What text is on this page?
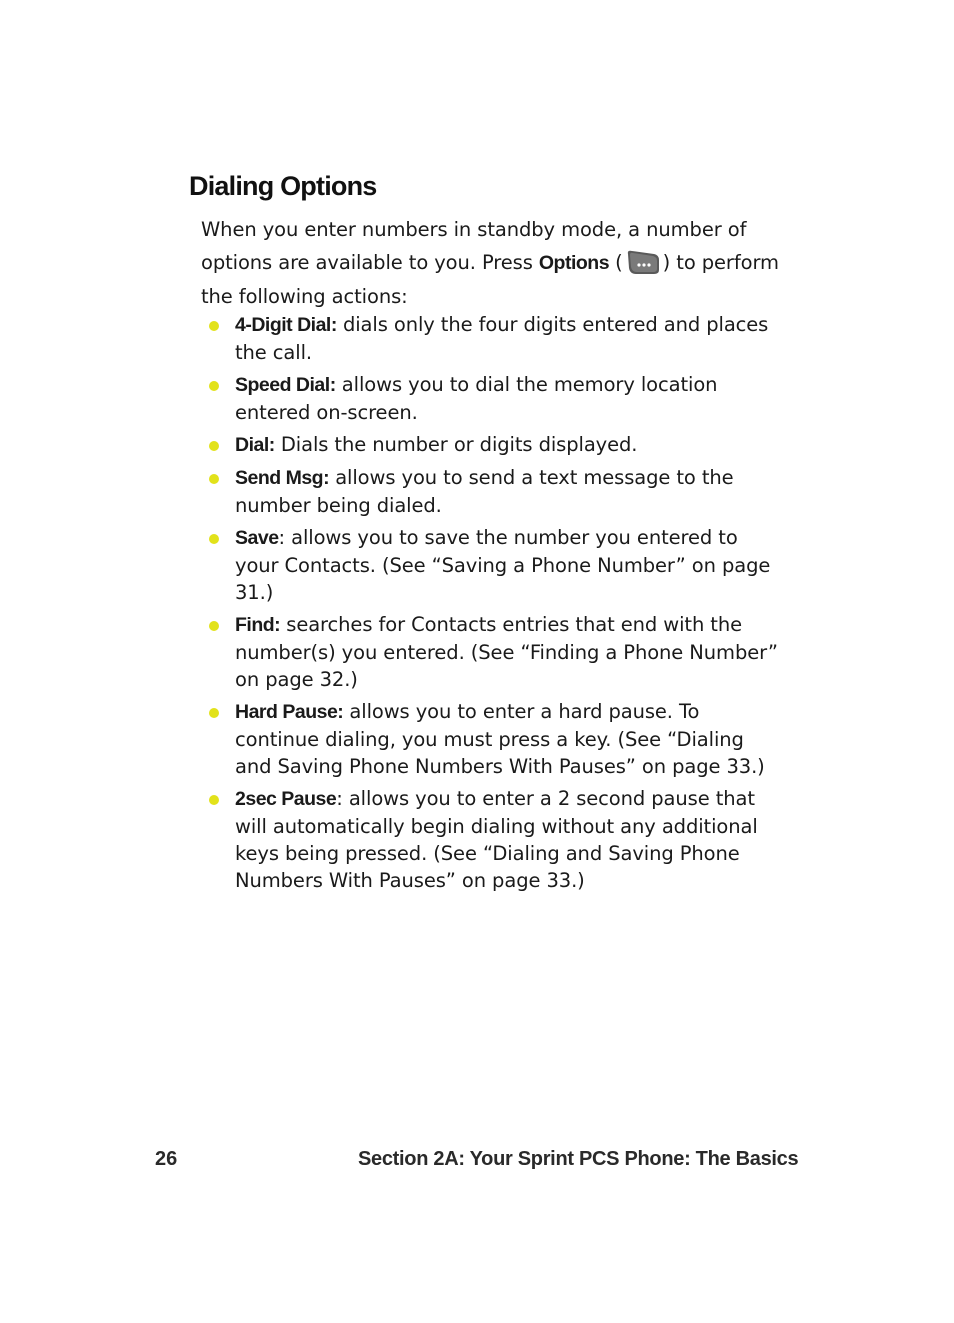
Dialing Options

When you enter numbers in standby mode, a number of options are available to you. Press Options ( ) to perform the following actions:

4-Digit Dial: dials only the four digits entered and places the call.
Speed Dial: allows you to dial the memory location entered on-screen.
Dial: Dials the number or digits displayed.
Send Msg: allows you to send a text message to the number being dialed.
Save: allows you to save the number you entered to your Contacts. (See “Saving a Phone Number” on page 31.)
Find: searches for Contacts entries that end with the number(s) you entered. (See “Finding a Phone Number” on page 32.)
Hard Pause: allows you to enter a hard pause. To continue dialing, you must press a key. (See “Dialing and Saving Phone Numbers With Pauses” on page 33.)
2sec Pause: allows you to enter a 2 second pause that will automatically begin dialing without any additional keys being pressed. (See “Dialing and Saving Phone Numbers With Pauses” on page 33.)
26	Section 2A: Your Sprint PCS Phone: The Basics
